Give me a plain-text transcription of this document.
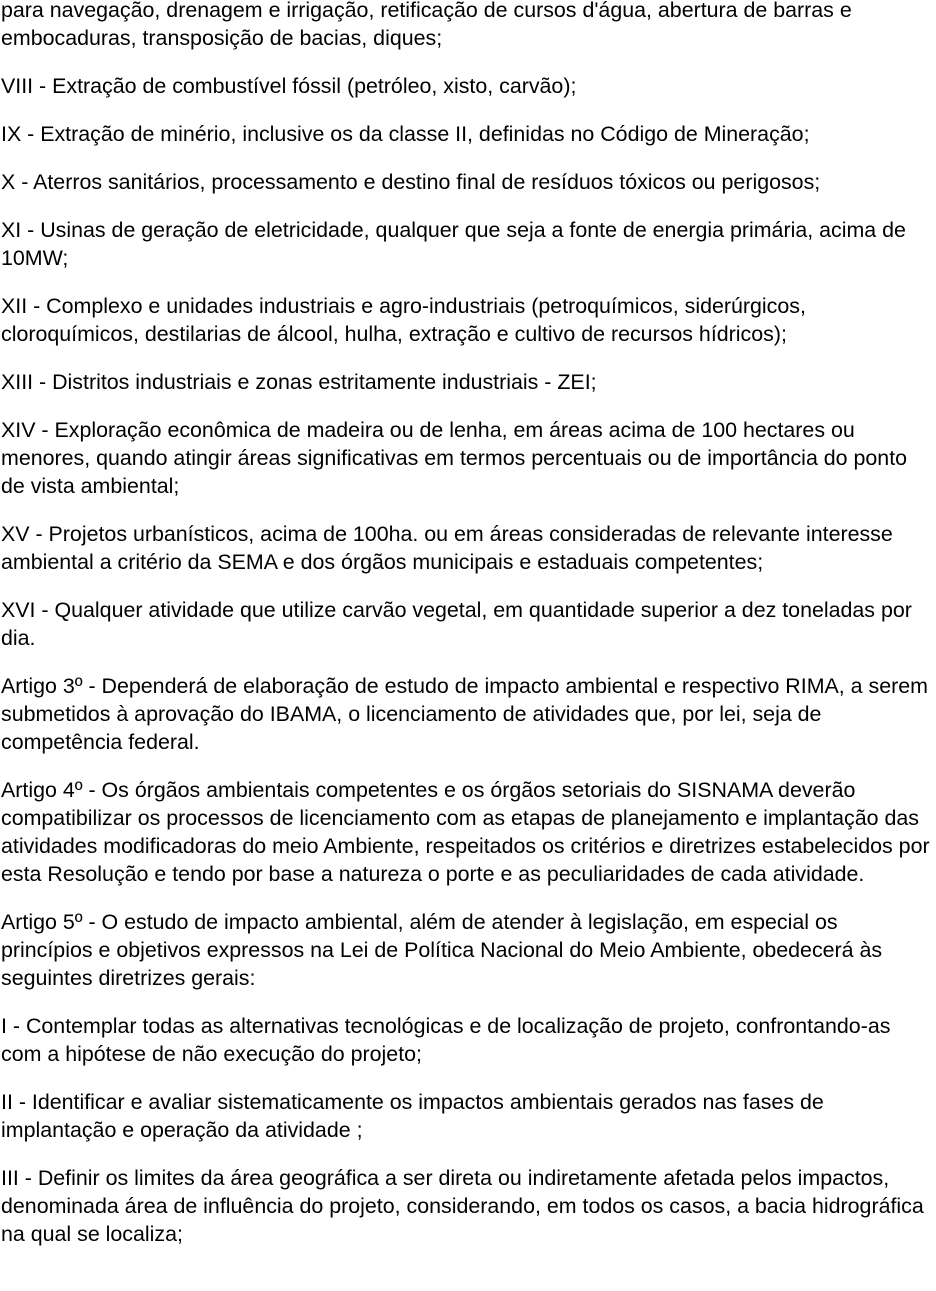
para navegação, drenagem e irrigação, retificação de cursos d'água, abertura de barras e embocaduras, transposição de bacias, diques;

VIII - Extração de combustível fóssil (petróleo, xisto, carvão);

IX - Extração de minério, inclusive os da classe II, definidas no Código de Mineração;

X - Aterros sanitários, processamento e destino final de resíduos tóxicos ou perigosos;

XI - Usinas de geração de eletricidade, qualquer que seja a fonte de energia primária, acima de 10MW;

XII - Complexo e unidades industriais e agro-industriais (petroquímicos, siderúrgicos, cloroquímicos, destilarias de álcool, hulha, extração e cultivo de recursos hídricos);

XIII - Distritos industriais e zonas estritamente industriais - ZEI;

XIV - Exploração econômica de madeira ou de lenha, em áreas acima de 100 hectares ou menores, quando atingir áreas significativas em termos percentuais ou de importância do ponto de vista ambiental;

XV - Projetos urbanísticos, acima de 100ha. ou em áreas consideradas de relevante interesse ambiental a critério da SEMA e dos órgãos municipais e estaduais competentes;

XVI - Qualquer atividade que utilize carvão vegetal, em quantidade superior a dez toneladas por dia.

Artigo 3º - Dependerá de elaboração de estudo de impacto ambiental e respectivo RIMA, a serem submetidos à aprovação do IBAMA, o licenciamento de atividades que, por lei, seja de competência federal.

Artigo 4º - Os órgãos ambientais competentes e os órgãos setoriais do SISNAMA deverão compatibilizar os processos de licenciamento com as etapas de planejamento e implantação das atividades modificadoras do meio Ambiente, respeitados os critérios e diretrizes estabelecidos por esta Resolução e tendo por base a natureza o porte e as peculiaridades de cada atividade.

Artigo 5º - O estudo de impacto ambiental, além de atender à legislação, em especial os princípios e objetivos expressos na Lei de Política Nacional do Meio Ambiente, obedecerá às seguintes diretrizes gerais:

I - Contemplar todas as alternativas tecnológicas e de localização de projeto, confrontando-as com a hipótese de não execução do projeto;

II - Identificar e avaliar sistematicamente os impactos ambientais gerados nas fases de implantação e operação da atividade ;

III - Definir os limites da área geográfica a ser direta ou indiretamente afetada pelos impactos, denominada área de influência do projeto, considerando, em todos os casos, a bacia hidrográfica na qual se localiza;
